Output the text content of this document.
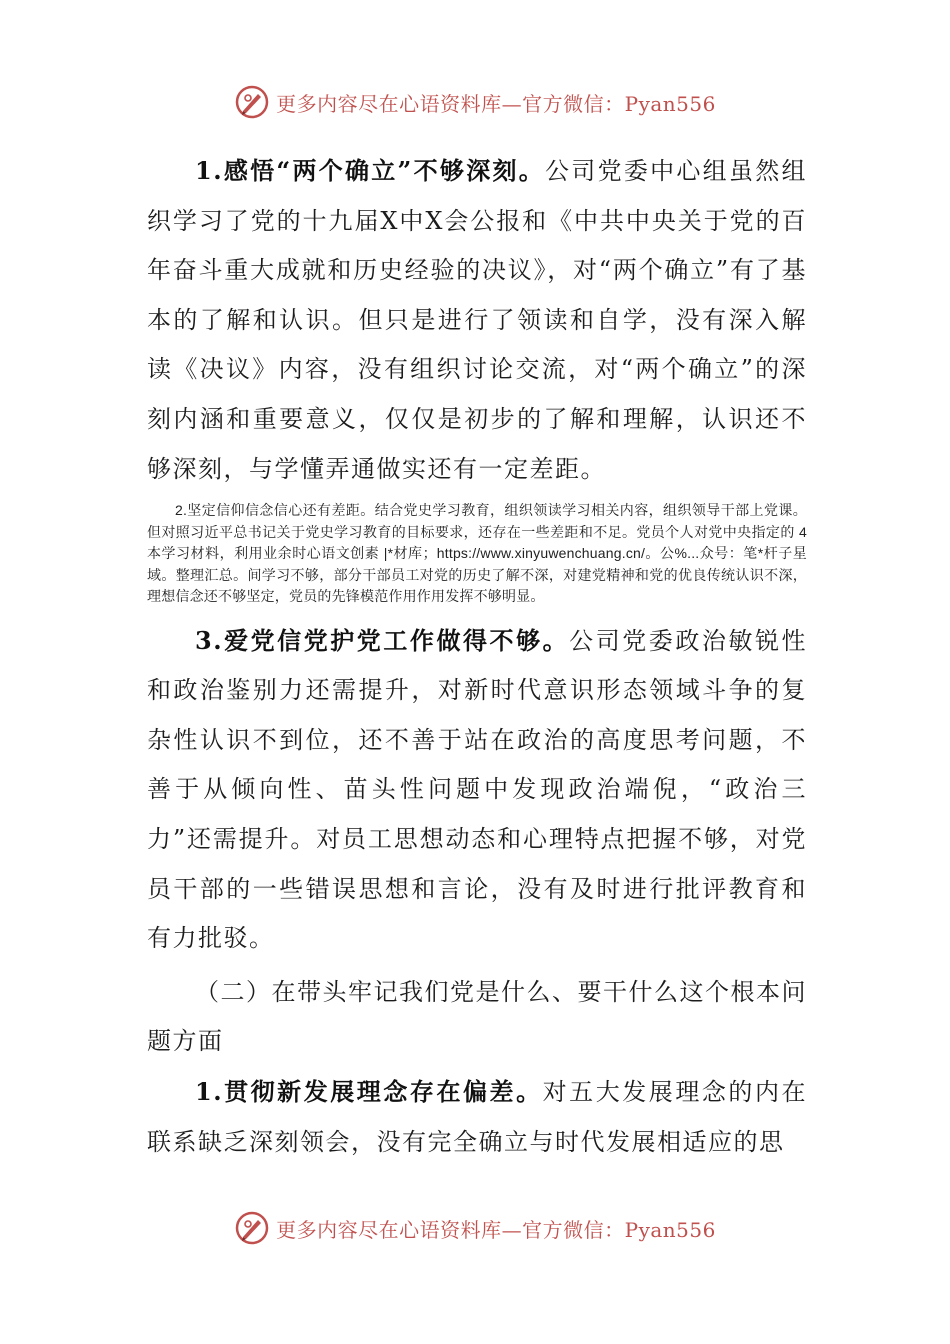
更多内容尽在心语资料库—官方微信：Pyan556

1.感悟“两个确立”不够深刻。公司党委中心组虽然组织学习了党的十九届X中X会公报和《中共中央关于党的百年奋斗重大成就和历史经验的决议》，对“两个确立”有了基本的了解和认识。但只是进行了领读和自学，没有深入解读《决议》内容，没有组织讨论交流，对“两个确立”的深刻内涵和重要意义，仅仅是初步的了解和理解，认识还不够深刻，与学懂弄通做实还有一定差距。

2.坚定信仰信念信心还有差距。结合党史学习教育，组织领读学习相关内容，组织领导干部上党课。但对照习近平总书记关于党史学习教育的目标要求，还存在一些差距和不足。党员个人对党中央指定的 4 本学习材料，利用业余时心语文创素 |*材库；https://www.xinyuwenchuang.cn/。公%...众号：笔*杆子星域。整理汇总。间学习不够，部分干部员工对党的历史了解不深，对建党精神和党的优良传统认识不深，理想信念还不够坚定，党员的先锋模范作用作用发挥不够明显。

3.爱党信党护党工作做得不够。公司党委政治敏锐性和政治鉴别力还需提升，对新时代意识形态领域斗争的复杂性认识不到位，还不善于站在政治的高度思考问题，不善于从倾向性、苗头性问题中发现政治端倪，“政治三力”还需提升。对员工思想动态和心理特点把握不够，对党员干部的一些错误思想和言论，没有及时进行批评教育和有力批驳。

（二）在带头牢记我们党是什么、要干什么这个根本问题方面

1.贯彻新发展理念存在偏差。对五大发展理念的内在联系缺乏深刻领会，没有完全确立与时代发展相适应的思

更多内容尽在心语资料库—官方微信：Pyan556
